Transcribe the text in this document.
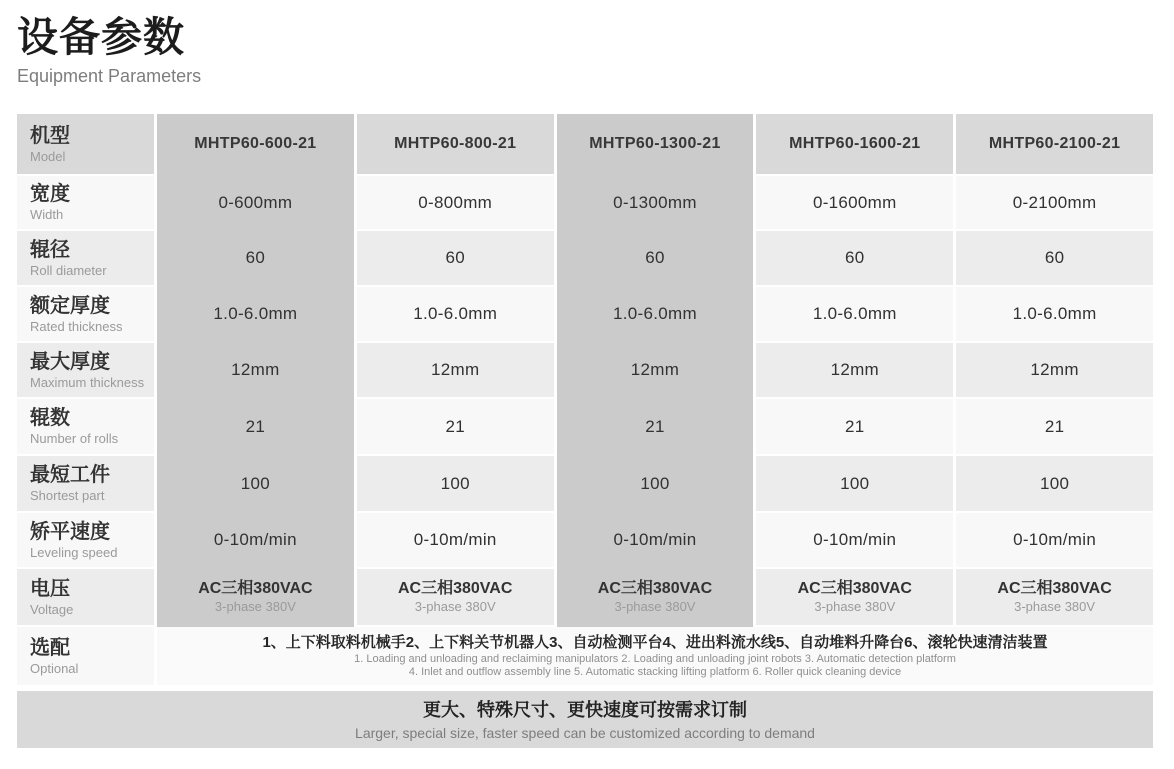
设备参数
Equipment Parameters
机型
Model
MHTP60-600-21	MHTP60-800-21	MHTP60-1300-21	MHTP60-1600-21	MHTP60-2100-21
宽度
Width
0-600mm	0-800mm	0-1300mm	0-1600mm	0-2100mm
辊径
Roll diameter
60	60	60	60	60
额定厚度
Rated thickness
1.0-6.0mm	1.0-6.0mm	1.0-6.0mm	1.0-6.0mm	1.0-6.0mm
最大厚度
Maximum thickness
12mm	12mm	12mm	12mm	12mm
辊数
Number of rolls
21	21	21	21	21
最短工件
Shortest part
100	100	100	100	100
矫平速度
Leveling speed
0-10m/min	0-10m/min	0-10m/min	0-10m/min	0-10m/min
电压
Voltage
AC三相380VAC
3-phase 380V
AC三相380VAC
3-phase 380V
AC三相380VAC
3-phase 380V
AC三相380VAC
3-phase 380V
AC三相380VAC
3-phase 380V
选配
Optional
1、上下料取料机械手2、上下料关节机器人3、自动检测平台4、进出料流水线5、自动堆料升降台6、滚轮快速清洁装置
1. Loading and unloading and reclaiming manipulators 2. Loading and unloading joint robots 3. Automatic detection platform
4. Inlet and outflow assembly line 5. Automatic stacking lifting platform 6. Roller quick cleaning device
更大、特殊尺寸、更快速度可按需求订制
Larger, special size, faster speed can be customized according to demand
